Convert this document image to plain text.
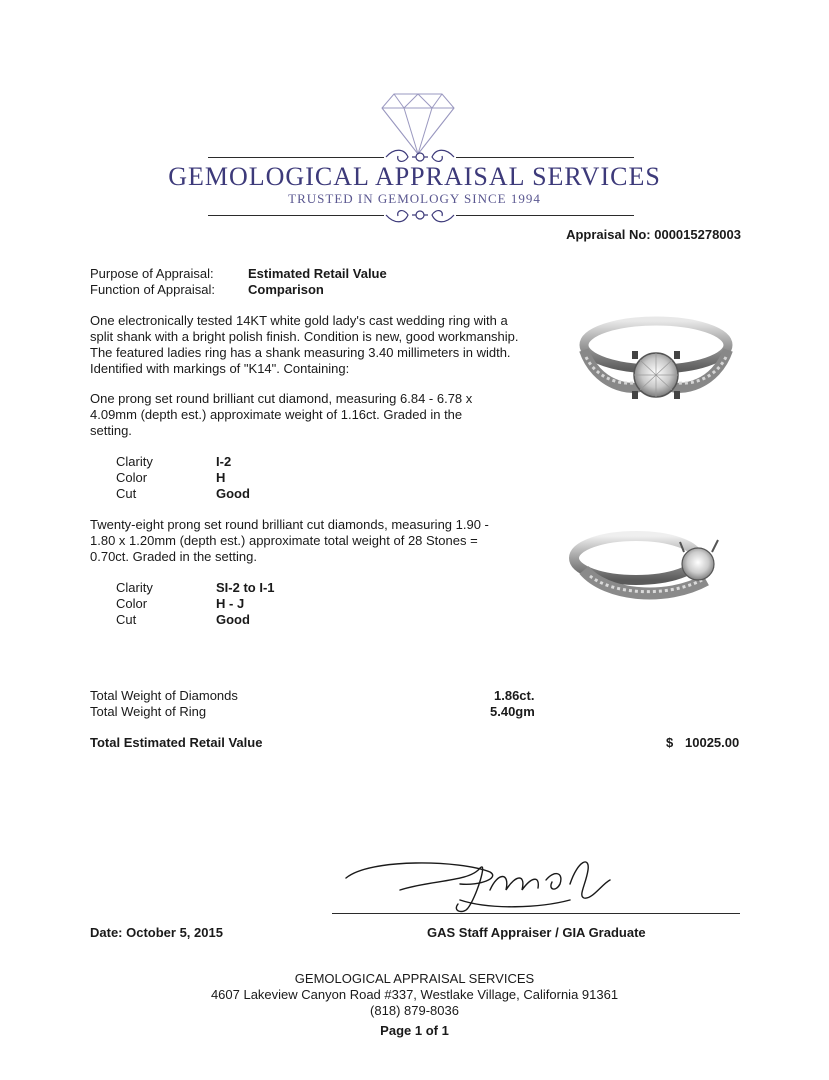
GEMOLOGICAL APPRAISAL SERVICES
TRUSTED IN GEMOLOGY SINCE 1994
Appraisal No: 000015278003
Purpose of Appraisal:	Estimated Retail Value
Function of Appraisal:	Comparison
One electronically tested 14KT white gold lady's cast wedding ring with a split shank with a bright polish finish. Condition is new, good workmanship. The featured ladies ring has a shank measuring 3.40 millimeters in width. Identified with markings of "K14". Containing:
One prong set round brilliant cut diamond, measuring 6.84 - 6.78 x 4.09mm (depth est.) approximate weight of 1.16ct. Graded in the setting.
Clarity	I-2
Color	H
Cut	Good
Twenty-eight prong set round brilliant cut diamonds, measuring 1.90 - 1.80 x 1.20mm (depth est.) approximate total weight of 28 Stones = 0.70ct. Graded in the setting.
Clarity	SI-2 to I-1
Color	H - J
Cut	Good
Total Weight of Diamonds	1.86ct.
Total Weight of Ring	5.40gm
Total Estimated Retail Value	$ 10025.00
Date: October 5, 2015	GAS Staff Appraiser / GIA Graduate
GEMOLOGICAL APPRAISAL SERVICES
4607 Lakeview Canyon Road #337, Westlake Village, California 91361
(818) 879-8036
Page 1 of 1
